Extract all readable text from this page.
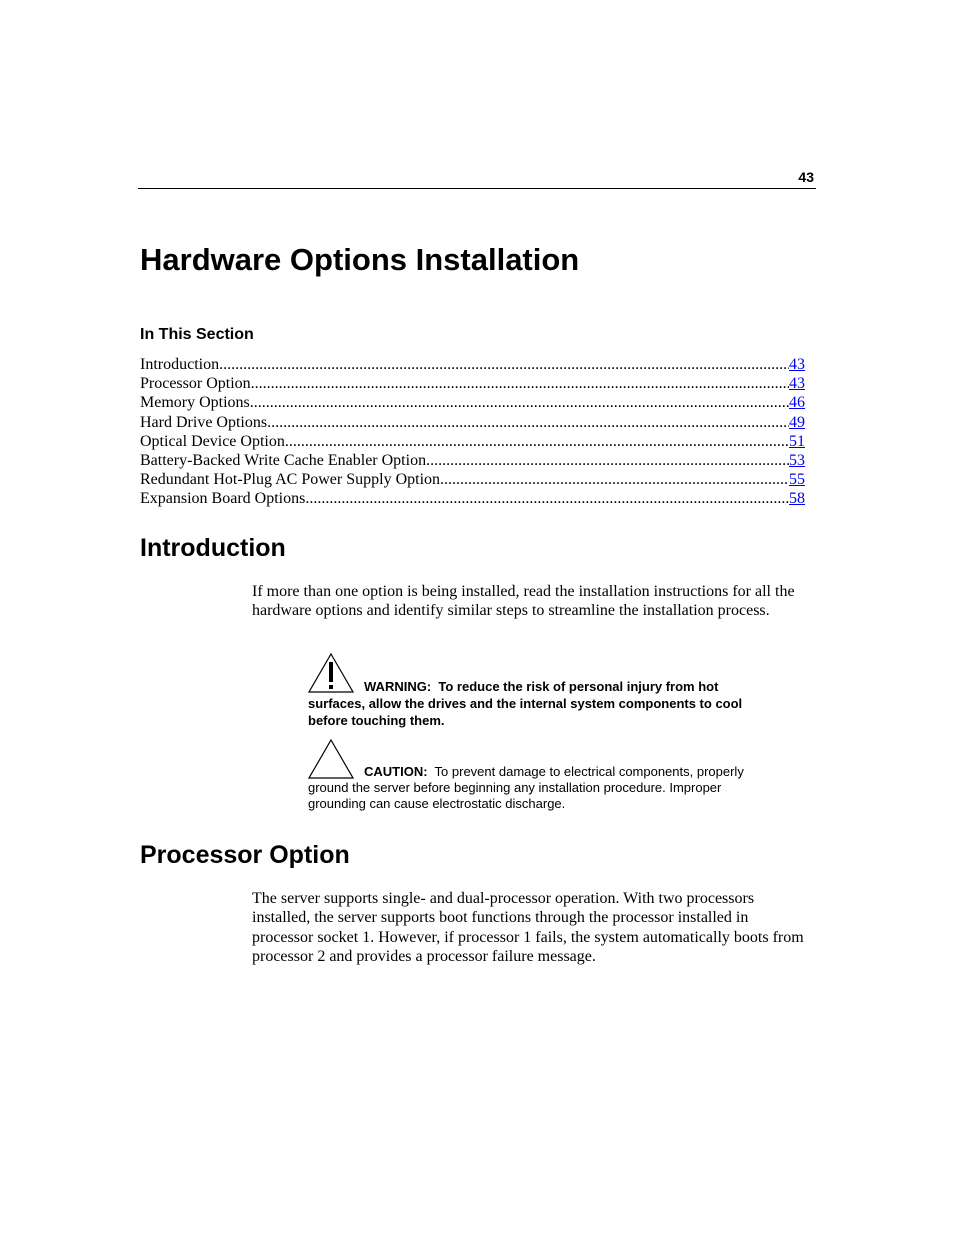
43
Hardware Options Installation
In This Section
Introduction .....	43
Processor Option .....	43
Memory Options .....	46
Hard Drive Options .....	49
Optical Device Option .....	51
Battery-Backed Write Cache Enabler Option .....	53
Redundant Hot-Plug AC Power Supply Option .....	55
Expansion Board Options .....	58
Introduction

If more than one option is being installed, read the installation instructions for all the hardware options and identify similar steps to streamline the installation process.

WARNING: To reduce the risk of personal injury from hot surfaces, allow the drives and the internal system components to cool before touching them.

CAUTION: To prevent damage to electrical components, properly ground the server before beginning any installation procedure. Improper grounding can cause electrostatic discharge.

Processor Option

The server supports single- and dual-processor operation. With two processors installed, the server supports boot functions through the processor installed in processor socket 1. However, if processor 1 fails, the system automatically boots from processor 2 and provides a processor failure message.
